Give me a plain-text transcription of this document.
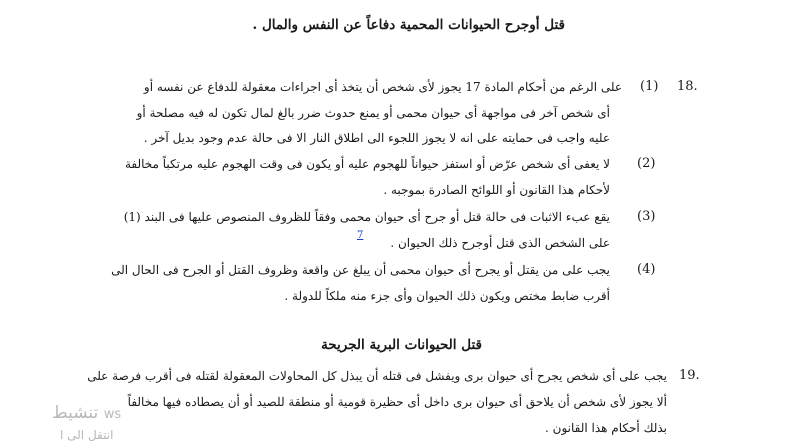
قتل أوجرح الحيوانات المحمية دفاعاً عن النفس والمال .
18.
(1)
على الرغم من أحكام المادة 17 يجوز لأى شخص أن يتخذ أى اجراءات معقولة للدفاع عن نفسه أو
أى شخص آخر فى مواجهة أى حيوان محمى أو يمنع حدوث ضرر بالغ لمال تكون له فيه مصلحة أو
عليه واجب فى حمايته على انه لا يجوز اللجوء الى اطلاق النار الا فى حالة عدم وجود بديل آخر .
(2)
لا يعفى أى شخص عرّض أو استفز حيواناً للهجوم عليه أو يكون فى وقت الهجوم عليه مرتكباً مخالفة
لأحكام هذا القانون أو اللوائح الصادرة بموجبه .
(3)
يقع عبء الاثبات فى حالة قتل أو جرح أى حيوان محمى وفقاً للظروف المنصوص عليها فى البند (1)
على الشخص الذى قتل أوجرح ذلك الحيوان .
7
(4)
يجب على من يقتل أو يجرح أى حيوان محمى أن يبلغ عن واقعة وظروف القتل أو الجرح فى الحال الى
أقرب ضابط مختص ويكون ذلك الحيوان وأى جزء منه ملكاً للدولة .
قتل الحيوانات البرية الجريحة
19.
يجب على أى شخص يجرح أى حيوان برى ويفشل فى قتله أن يبذل كل المحاولات المعقولة لقتله فى أقرب فرصة على
ألا يجوز لأى شخص أن يلاحق أى حيوان برى داخل أى حظيرة قومية أو منطقة للصيد أو أن يصطاده فيها مخالفاً
بذلك أحكام هذا القانون .
ws تنشيط
انتقل الى ا
